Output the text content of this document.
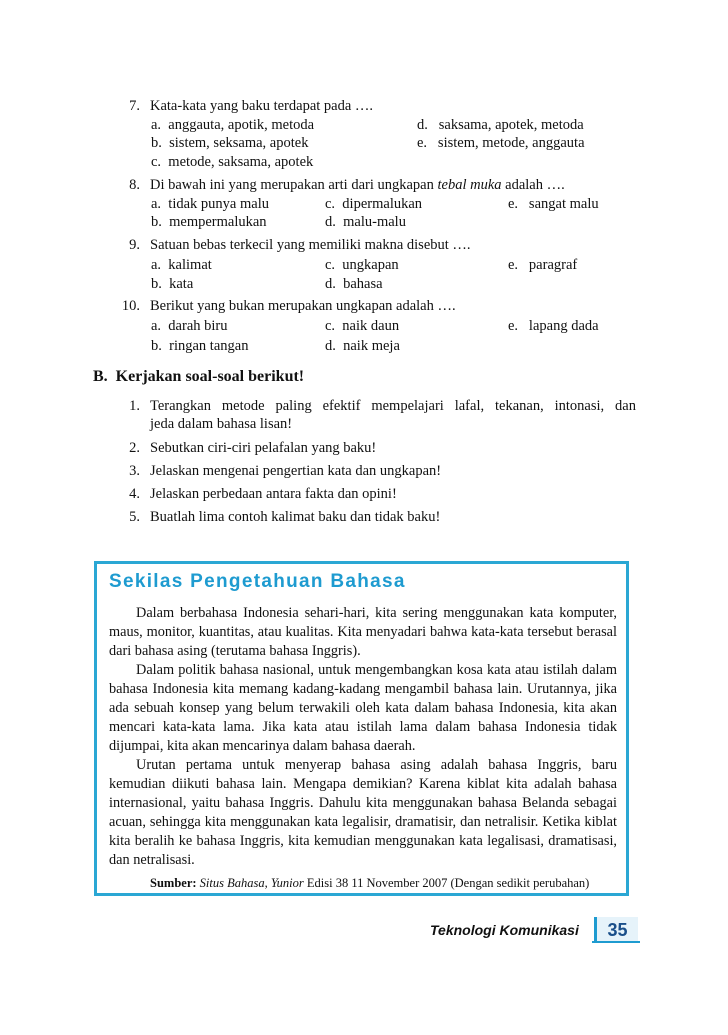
7. Kata-kata yang baku terdapat pada ….
a.  anggauta, apotik, metoda
b.  sistem, seksama, apotek
c.  metode, saksama, apotek
d.   saksama, apotek, metoda
e.   sistem, metode, anggauta
8. Di bawah ini yang merupakan arti dari ungkapan tebal muka adalah ….
a.  tidak punya malu
b.  mempermalukan
c.  dipermalukan
d.  malu-malu
e.   sangat malu
9. Satuan bebas terkecil yang memiliki makna disebut ….
a.  kalimat
b.  kata
c.  ungkapan
d.  bahasa
e.   paragraf
10. Berikut yang bukan merupakan ungkapan adalah ….
a.  darah biru
b.  ringan tangan
c.  naik daun
d.  naik meja
e.   lapang dada
B.  Kerjakan soal-soal berikut!
1. Terangkan metode paling efektif mempelajari lafal, tekanan, intonasi, dan
jeda dalam bahasa lisan!
2. Sebutkan ciri-ciri pelafalan yang baku!
3. Jelaskan mengenai pengertian kata dan ungkapan!
4. Jelaskan perbedaan antara fakta dan opini!
5. Buatlah lima contoh kalimat baku dan tidak baku!
Sekilas Pengetahuan Bahasa

Dalam berbahasa Indonesia sehari-hari, kita sering menggunakan kata komputer, maus, monitor, kuantitas, atau kualitas. Kita menyadari bahwa kata-kata tersebut berasal dari bahasa asing (terutama bahasa Inggris).

Dalam politik bahasa nasional, untuk mengembangkan kosa kata atau istilah dalam bahasa Indonesia kita memang kadang-kadang mengambil bahasa lain. Urutannya, jika ada sebuah konsep yang belum terwakili oleh kata dalam bahasa Indonesia, kita akan mencari kata-kata lama. Jika kata atau istilah lama dalam bahasa Indonesia tidak dijumpai, kita akan mencarinya dalam bahasa daerah.

Urutan pertama untuk menyerap bahasa asing adalah bahasa Inggris, baru kemudian diikuti bahasa lain. Mengapa demikian? Karena kiblat kita adalah bahasa internasional, yaitu bahasa Inggris. Dahulu kita menggunakan bahasa Belanda sebagai acuan, sehingga kita menggunakan kata legalisir, dramatisir, dan netralisir. Ketika kiblat kita beralih ke bahasa Inggris, kita kemudian menggunakan kata legalisasi, dramatisasi, dan netralisasi.

Sumber: Situs Bahasa, Yunior Edisi 38 11 November 2007 (Dengan sedikit perubahan)
Teknologi Komunikasi	35
